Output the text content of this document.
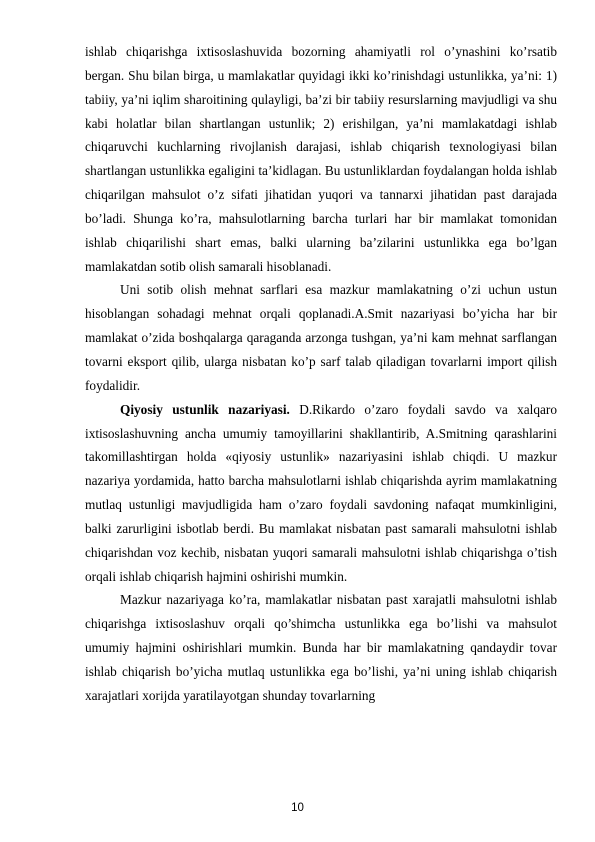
ishlab chiqarishga ixtisoslashuvida bozorning ahamiyatli rol o’ynashini ko’rsatib bergan. Shu bilan birga, u mamlakatlar quyidagi ikki ko’rinishdagi ustunlikka, ya’ni: 1) tabiiy, ya’ni iqlim sharoitining qulayligi, ba’zi bir tabiiy resurslarning mavjudligi va shu kabi holatlar bilan shartlangan ustunlik; 2) erishilgan, ya’ni mamlakatdagi ishlab chiqaruvchi kuchlarning rivojlanish darajasi, ishlab chiqarish texnologiyasi bilan shartlangan ustunlikka egaligini ta’kidlagan. Bu ustunliklardan foydalangan holda ishlab chiqarilgan mahsulot o’z sifati jihatidan yuqori va tannarxi jihatidan past darajada bo’ladi. Shunga ko’ra, mahsulotlarning barcha turlari har bir mamlakat tomonidan ishlab chiqarilishi shart emas, balki ularning ba’zilarini ustunlikka ega bo’lgan mamlakatdan sotib olish samarali hisoblanadi.

Uni sotib olish mehnat sarflari esa mazkur mamlakatning o’zi uchun ustun hisoblangan sohadagi mehnat orqali qoplanadi.A.Smit nazariyasi bo’yicha har bir mamlakat o’zida boshqalarga qaraganda arzonga tushgan, ya’ni kam mehnat sarflangan tovarni eksport qilib, ularga nisbatan ko’p sarf talab qiladigan tovarlarni import qilish foydalidir.

Qiyosiy ustunlik nazariyasi. D.Rikardo o’zaro foydali savdo va xalqaro ixtisoslashuvning ancha umumiy tamoyillarini shakllantirib, A.Smitning qarashlarini takomillashtirgan holda «qiyosiy ustunlik» nazariyasini ishlab chiqdi. U mazkur nazariya yordamida, hatto barcha mahsulotlarni ishlab chiqarishda ayrim mamlakatning mutlaq ustunligi mavjudligida ham o’zaro foydali savdoning nafaqat mumkinligini, balki zarurligini isbotlab berdi. Bu mamlakat nisbatan past samarali mahsulotni ishlab chiqarishdan voz kechib, nisbatan yuqori samarali mahsulotni ishlab chiqarishga o’tish orqali ishlab chiqarish hajmini oshirishi mumkin.

Mazkur nazariyaga ko’ra, mamlakatlar nisbatan past xarajatli mahsulotni ishlab chiqarishga ixtisoslashuv orqali qo’shimcha ustunlikka ega bo’lishi va mahsulot umumiy hajmini oshirishlari mumkin. Bunda har bir mamlakatning qandaydir tovar ishlab chiqarish bo’yicha mutlaq ustunlikka ega bo’lishi, ya’ni uning ishlab chiqarish xarajatlari xorijda yaratilayotgan shunday tovarlarning

10
